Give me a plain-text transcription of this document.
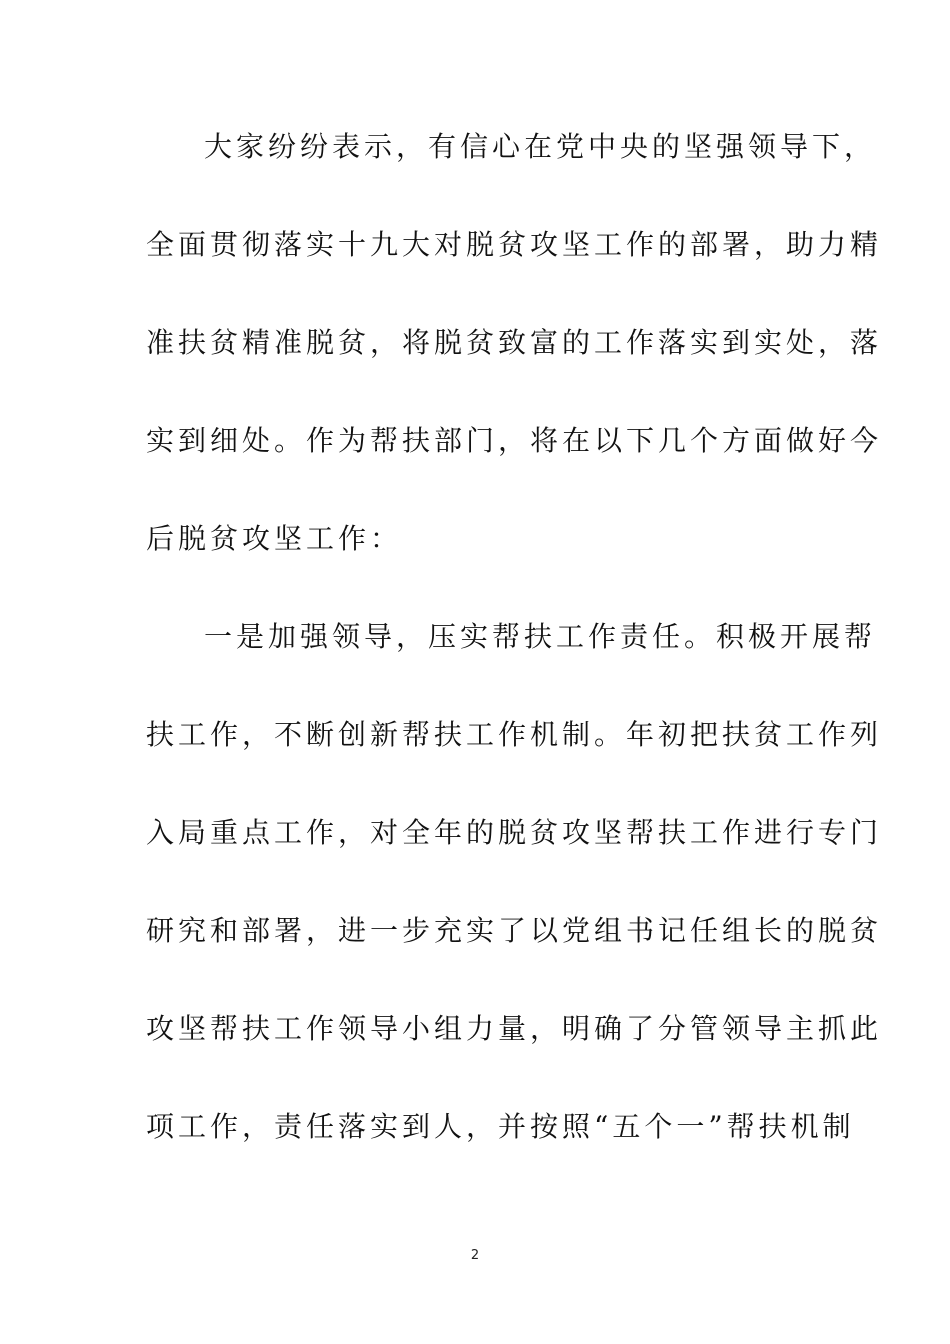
大家纷纷表示，有信心在党中央的坚强领导下，
全面贯彻落实十九大对脱贫攻坚工作的部署，助力精
准扶贫精准脱贫，将脱贫致富的工作落实到实处，落
实到细处。作为帮扶部门，将在以下几个方面做好今
后脱贫攻坚工作：
一是加强领导，压实帮扶工作责任。积极开展帮
扶工作，不断创新帮扶工作机制。年初把扶贫工作列
入局重点工作，对全年的脱贫攻坚帮扶工作进行专门
研究和部署，进一步充实了以党组书记任组长的脱贫
攻坚帮扶工作领导小组力量，明确了分管领导主抓此
项工作，责任落实到人，并按照“五个一”帮扶机制
2
